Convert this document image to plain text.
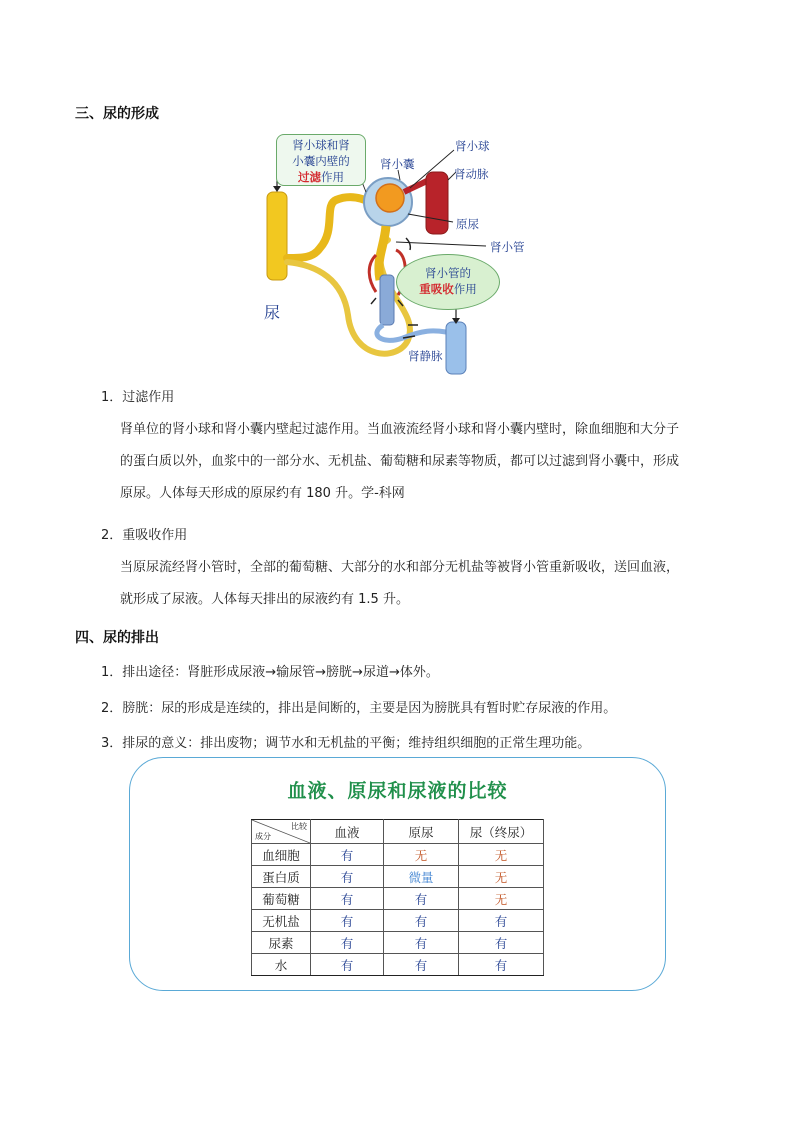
三、尿的形成
肾小球和肾
小囊内壁的
过滤作用
肾小管的
重吸收作用
肾小球
肾小囊
肾动脉
原尿
肾小管
肾静脉
尿
1．过滤作用
肾单位的肾小球和肾小囊内壁起过滤作用。当血液流经肾小球和肾小囊内壁时，除血细胞和大分子
的蛋白质以外，血浆中的一部分水、无机盐、葡萄糖和尿素等物质，都可以过滤到肾小囊中，形成
原尿。人体每天形成的原尿约有 180 升。学-科网
2．重吸收作用
当原尿流经肾小管时，全部的葡萄糖、大部分的水和部分无机盐等被肾小管重新吸收，送回血液，
就形成了尿液。人体每天排出的尿液约有 1.5 升。
四、尿的排出
1．排出途径：肾脏形成尿液→输尿管→膀胱→尿道→体外。
2．膀胱：尿的形成是连续的，排出是间断的，主要是因为膀胱具有暂时贮存尿液的作用。
3．排尿的意义：排出废物；调节水和无机盐的平衡；维持组织细胞的正常生理功能。
血液、原尿和尿液的比较
比较
成分	血液	原尿	尿（终尿）
血细胞	有	无	无
蛋白质	有	微量	无
葡萄糖	有	有	无
无机盐	有	有	有
尿素	有	有	有
水	有	有	有
